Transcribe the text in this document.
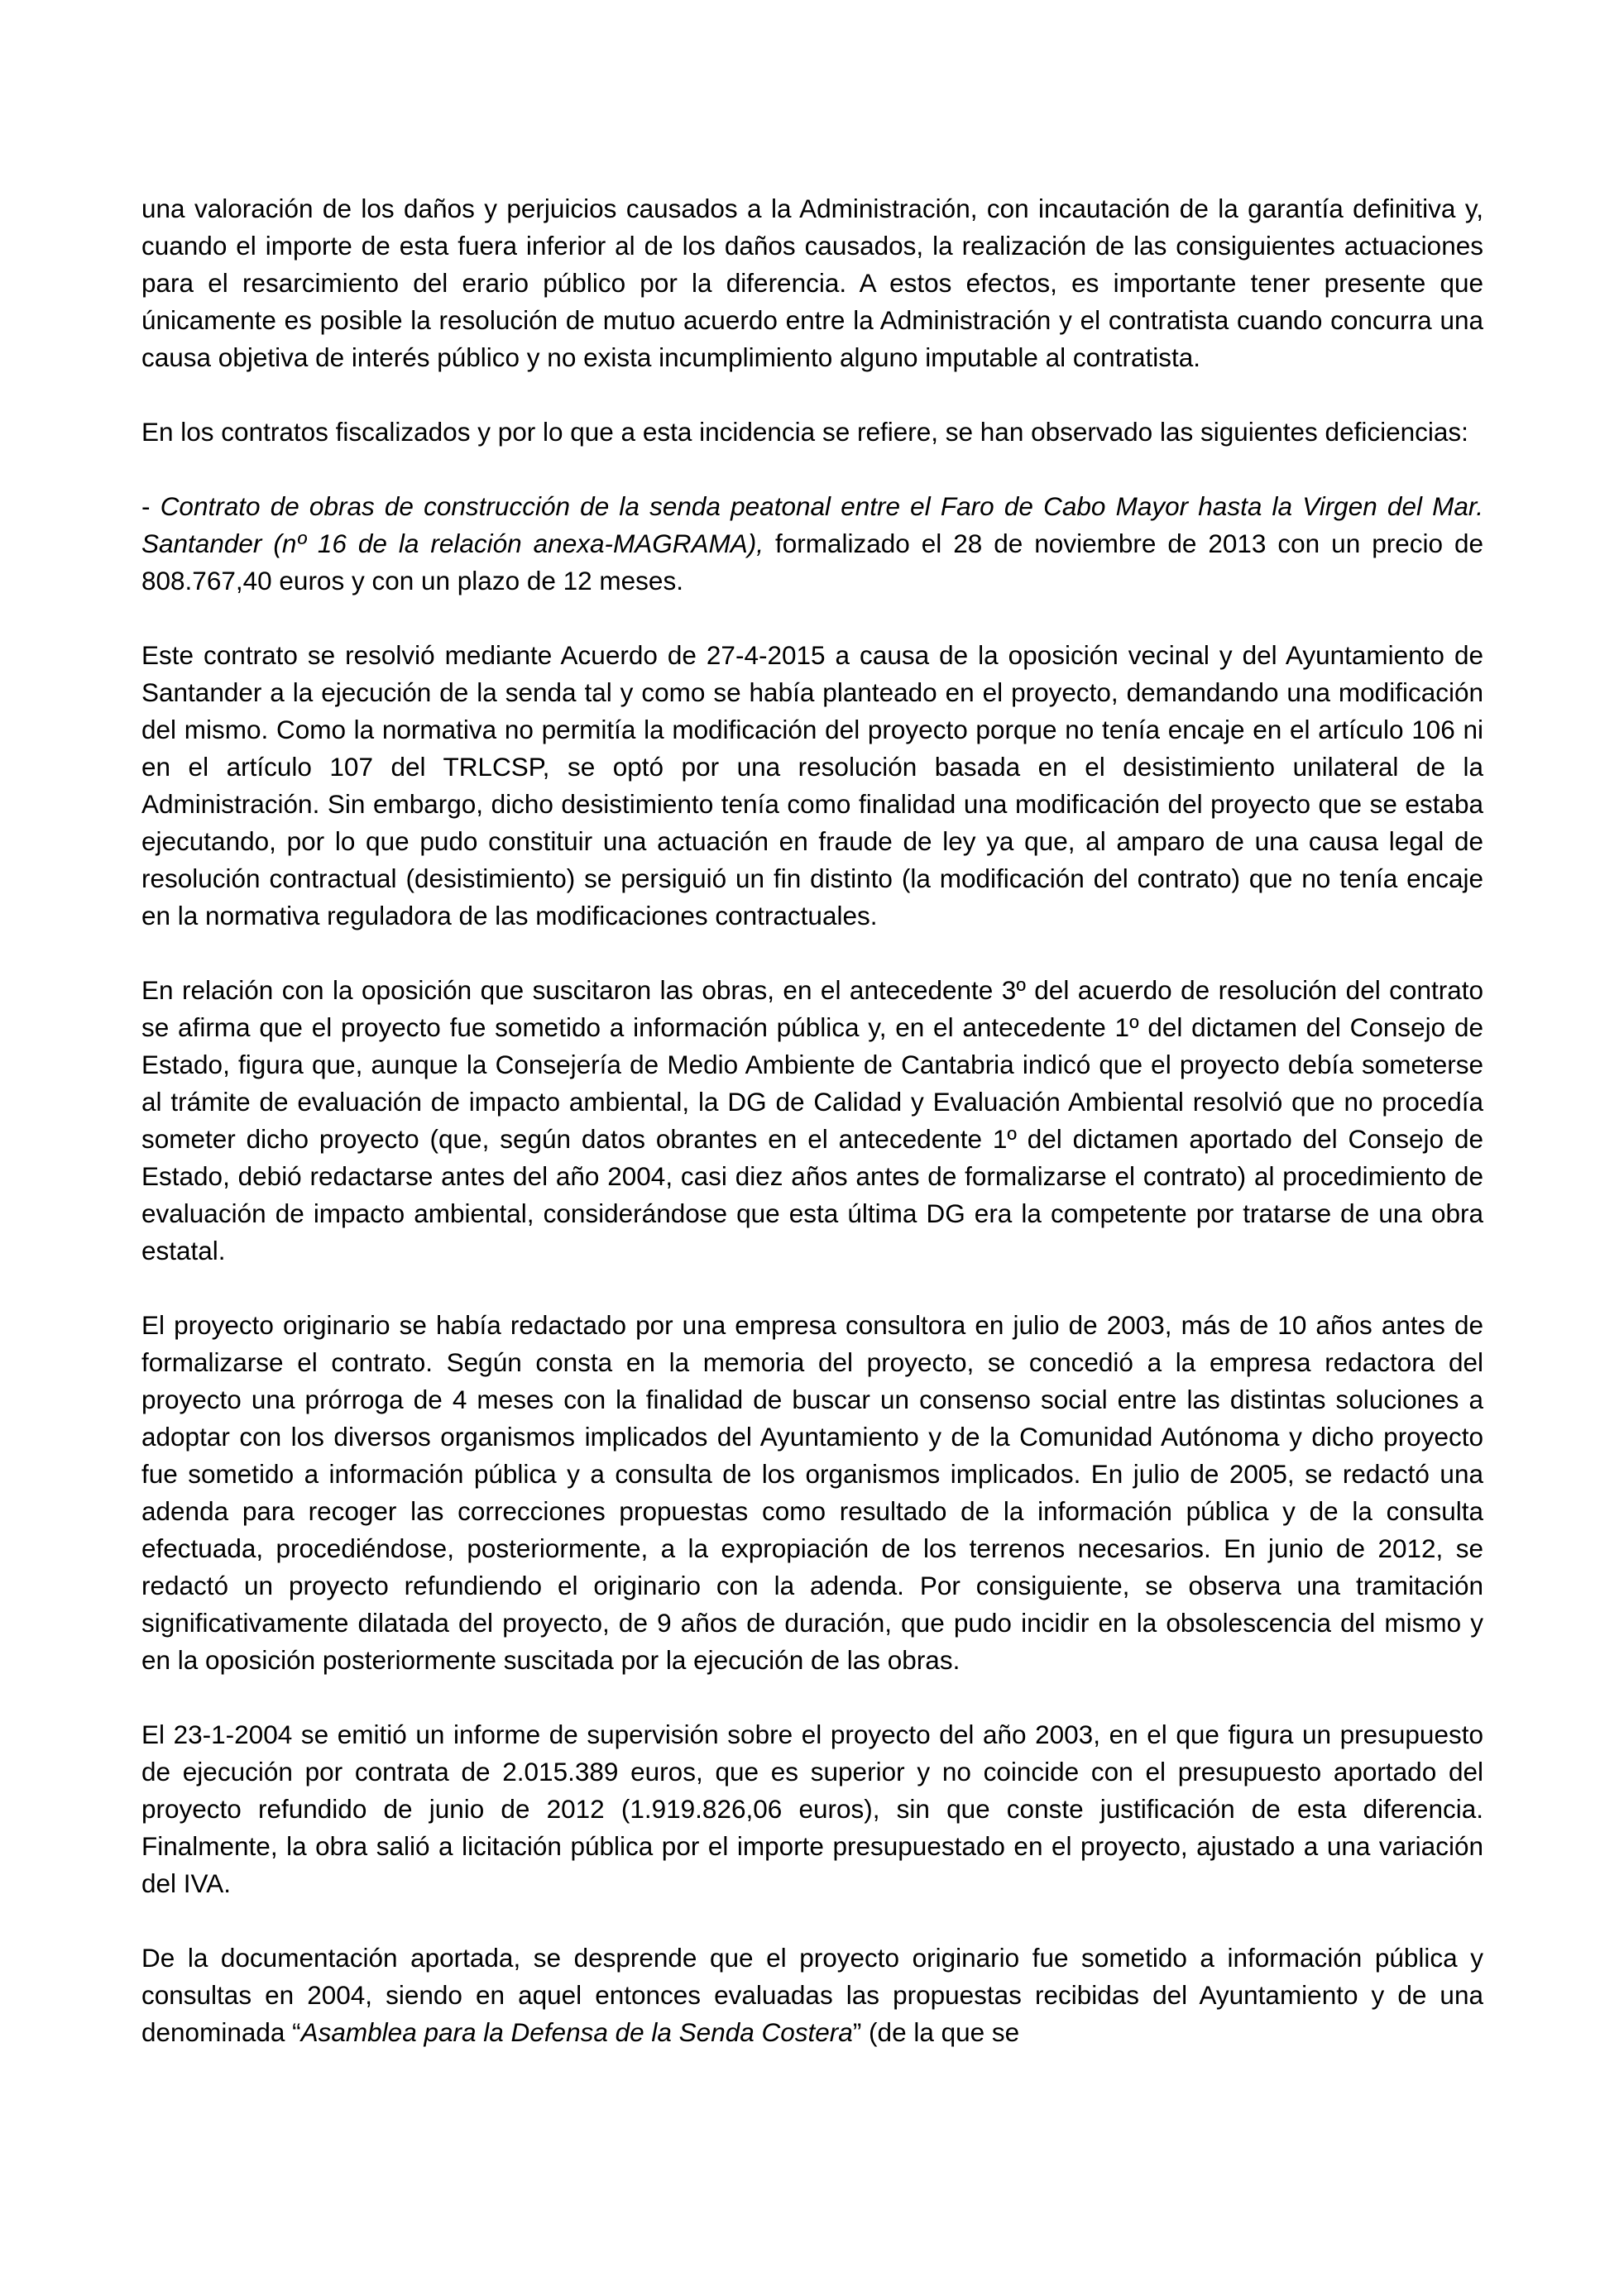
una valoración de los daños y perjuicios causados a la Administración, con incautación de la garantía definitiva y, cuando el importe de esta fuera inferior al de los daños causados, la realización de las consiguientes actuaciones para el resarcimiento del erario público por la diferencia. A estos efectos, es importante tener presente que únicamente es posible la resolución de mutuo acuerdo entre la Administración y el contratista cuando concurra una causa objetiva de interés público y no exista incumplimiento alguno imputable al contratista.

En los contratos fiscalizados y por lo que a esta incidencia se refiere, se han observado las siguientes deficiencias:

- Contrato de obras de construcción de la senda peatonal entre el Faro de Cabo Mayor hasta la Virgen del Mar. Santander (nº 16 de la relación anexa-MAGRAMA), formalizado el 28 de noviembre de 2013 con un precio de 808.767,40 euros y con un plazo de 12 meses.

Este contrato se resolvió mediante Acuerdo de 27-4-2015 a causa de la oposición vecinal y del Ayuntamiento de Santander a la ejecución de la senda tal y como se había planteado en el proyecto, demandando una modificación del mismo. Como la normativa no permitía la modificación del proyecto porque no tenía encaje en el artículo 106 ni en el artículo 107 del TRLCSP, se optó por una resolución basada en el desistimiento unilateral de la Administración. Sin embargo, dicho desistimiento tenía como finalidad una modificación del proyecto que se estaba ejecutando, por lo que pudo constituir una actuación en fraude de ley ya que, al amparo de una causa legal de resolución contractual (desistimiento) se persiguió un fin distinto (la modificación del contrato) que no tenía encaje en la normativa reguladora de las modificaciones contractuales.

En relación con la oposición que suscitaron las obras, en el antecedente 3º del acuerdo de resolución del contrato se afirma que el proyecto fue sometido a información pública y, en el antecedente 1º del dictamen del Consejo de Estado, figura que, aunque la Consejería de Medio Ambiente de Cantabria indicó que el proyecto debía someterse al trámite de evaluación de impacto ambiental, la DG de Calidad y Evaluación Ambiental resolvió que no procedía someter dicho proyecto (que, según datos obrantes en el antecedente 1º del dictamen aportado del Consejo de Estado, debió redactarse antes del año 2004, casi diez años antes de formalizarse el contrato) al procedimiento de evaluación de impacto ambiental, considerándose que esta última DG era la competente por tratarse de una obra estatal.

El proyecto originario se había redactado por una empresa consultora en julio de 2003, más de 10 años antes de formalizarse el contrato. Según consta en la memoria del proyecto, se concedió a la empresa redactora del proyecto una prórroga de 4 meses con la finalidad de buscar un consenso social entre las distintas soluciones a adoptar con los diversos organismos implicados del Ayuntamiento y de la Comunidad Autónoma y dicho proyecto fue sometido a información pública y a consulta de los organismos implicados. En julio de 2005, se redactó una adenda para recoger las correcciones propuestas como resultado de la información pública y de la consulta efectuada, procediéndose, posteriormente, a la expropiación de los terrenos necesarios. En junio de 2012, se redactó un proyecto refundiendo el originario con la adenda. Por consiguiente, se observa una tramitación significativamente dilatada del proyecto, de 9 años de duración, que pudo incidir en la obsolescencia del mismo y en la oposición posteriormente suscitada por la ejecución de las obras.

El 23-1-2004 se emitió un informe de supervisión sobre el proyecto del año 2003, en el que figura un presupuesto de ejecución por contrata de 2.015.389 euros, que es superior y no coincide con el presupuesto aportado del proyecto refundido de junio de 2012 (1.919.826,06 euros), sin que conste justificación de esta diferencia. Finalmente, la obra salió a licitación pública por el importe presupuestado en el proyecto, ajustado a una variación del IVA.

De la documentación aportada, se desprende que el proyecto originario fue sometido a información pública y consultas en 2004, siendo en aquel entonces evaluadas las propuestas recibidas del Ayuntamiento y de una denominada “Asamblea para la Defensa de la Senda Costera” (de la que se
